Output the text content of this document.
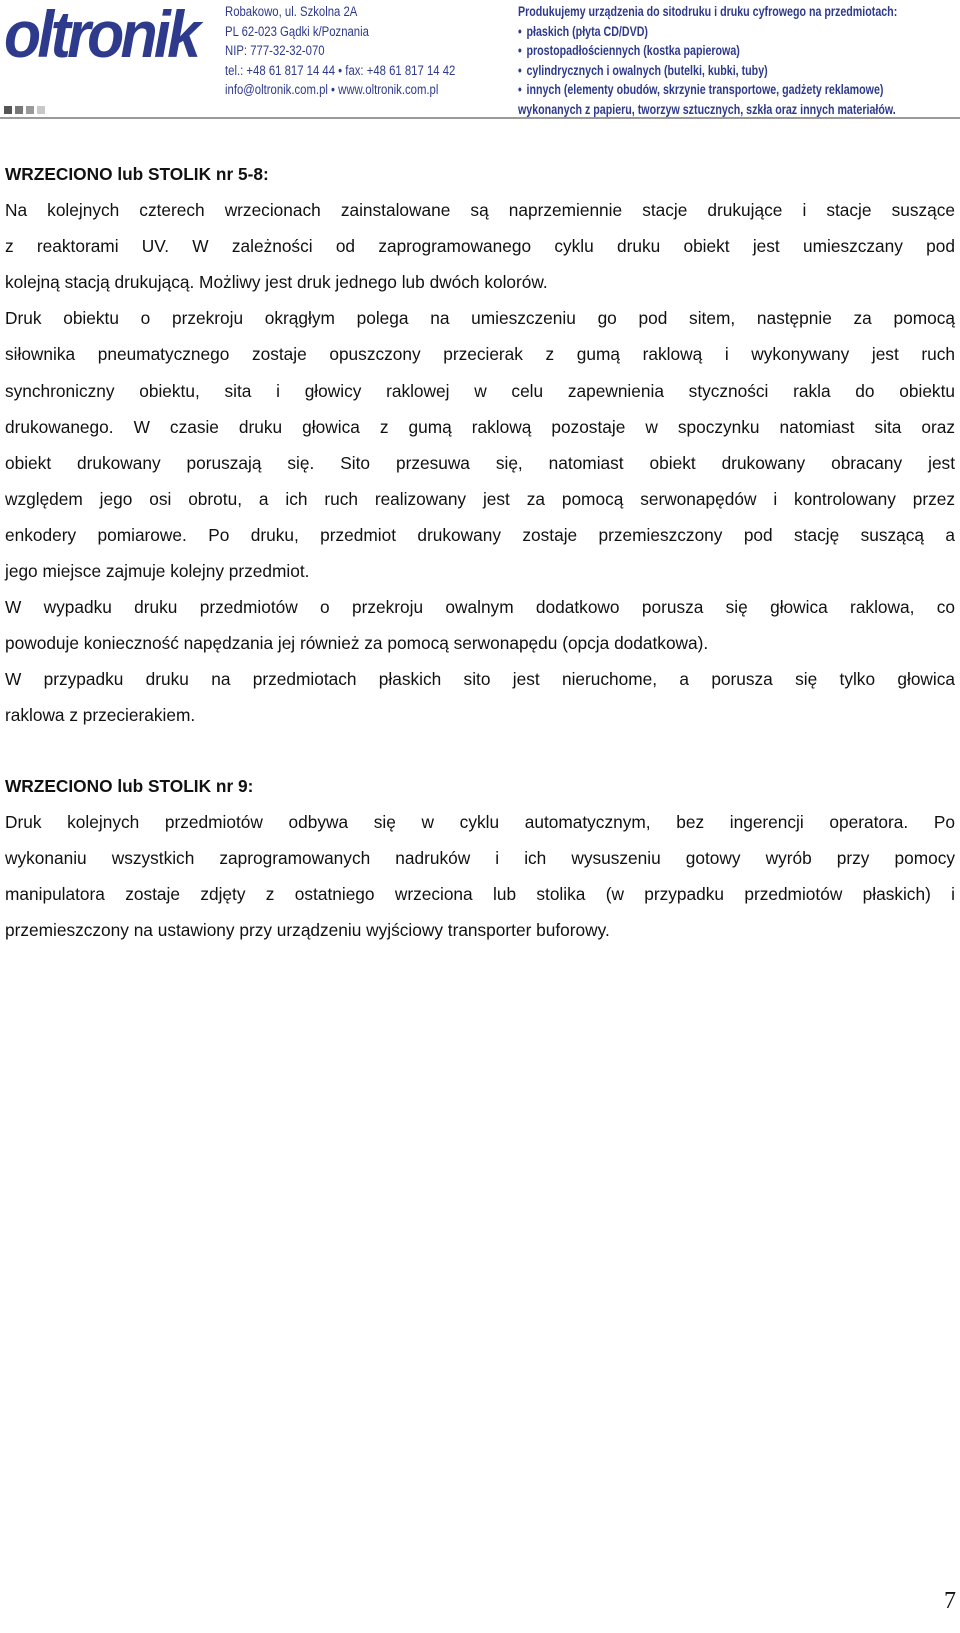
oltronik Robakowo, ul. Szkolna 2A
PL 62-023 Gądki k/Poznania
NIP: 777-32-32-070
tel.: +48 61 817 14 44 • fax: +48 61 817 14 42
info@oltronik.com.pl • www.oltronik.com.pl
Produkujemy urządzenia do sitodruku i druku cyfrowego na przedmiotach:
• płaskich (płyta CD/DVD)
• prostopadłościennych (kostka papierowa)
• cylindrycznych i owalnych (butelki, kubki, tuby)
• innych (elementy obudów, skrzynie transportowe, gadżety reklamowe)
wykonanych z papieru, tworzyw sztucznych, szkła oraz innych materiałów.
WRZECIONO lub STOLIK nr 5-8:
Na kolejnych czterech wrzecionach zainstalowane są naprzemiennie stacje drukujące i stacje suszące
z reaktorami UV. W zależności od zaprogramowanego cyklu druku obiekt jest umieszczany pod
kolejną stacją drukującą. Możliwy jest druk jednego lub dwóch kolorów.
Druk obiektu o przekroju okrągłym polega na umieszczeniu go pod sitem, następnie za pomocą
siłownika pneumatycznego zostaje opuszczony przecierak z gumą raklową i wykonywany jest ruch
synchroniczny obiektu, sita i głowicy raklowej w celu zapewnienia styczności rakla do obiektu
drukowanego. W czasie druku głowica z gumą raklową pozostaje w spoczynku natomiast sita oraz
obiekt drukowany poruszają się. Sito przesuwa się, natomiast obiekt drukowany obracany jest
względem jego osi obrotu, a ich ruch realizowany jest za pomocą serwonapędów i kontrolowany przez
enkodery pomiarowe. Po druku, przedmiot drukowany zostaje przemieszczony pod stację suszącą a
jego miejsce zajmuje kolejny przedmiot.
W wypadku druku przedmiotów o przekroju owalnym dodatkowo porusza się głowica raklowa, co
powoduje konieczność napędzania jej również za pomocą serwonapędu (opcja dodatkowa).
W przypadku druku na przedmiotach płaskich sito jest nieruchome, a porusza się tylko głowica
raklowa z przecierakiem.
WRZECIONO lub STOLIK nr 9:
Druk kolejnych przedmiotów odbywa się w cyklu automatycznym, bez ingerencji operatora. Po
wykonaniu wszystkich zaprogramowanych nadruków i ich wysuszeniu gotowy wyrób przy pomocy
manipulatora zostaje zdjęty z ostatniego wrzeciona lub stolika (w przypadku przedmiotów płaskich) i
przemieszczony na ustawiony przy urządzeniu wyjściowy transporter buforowy.
7
